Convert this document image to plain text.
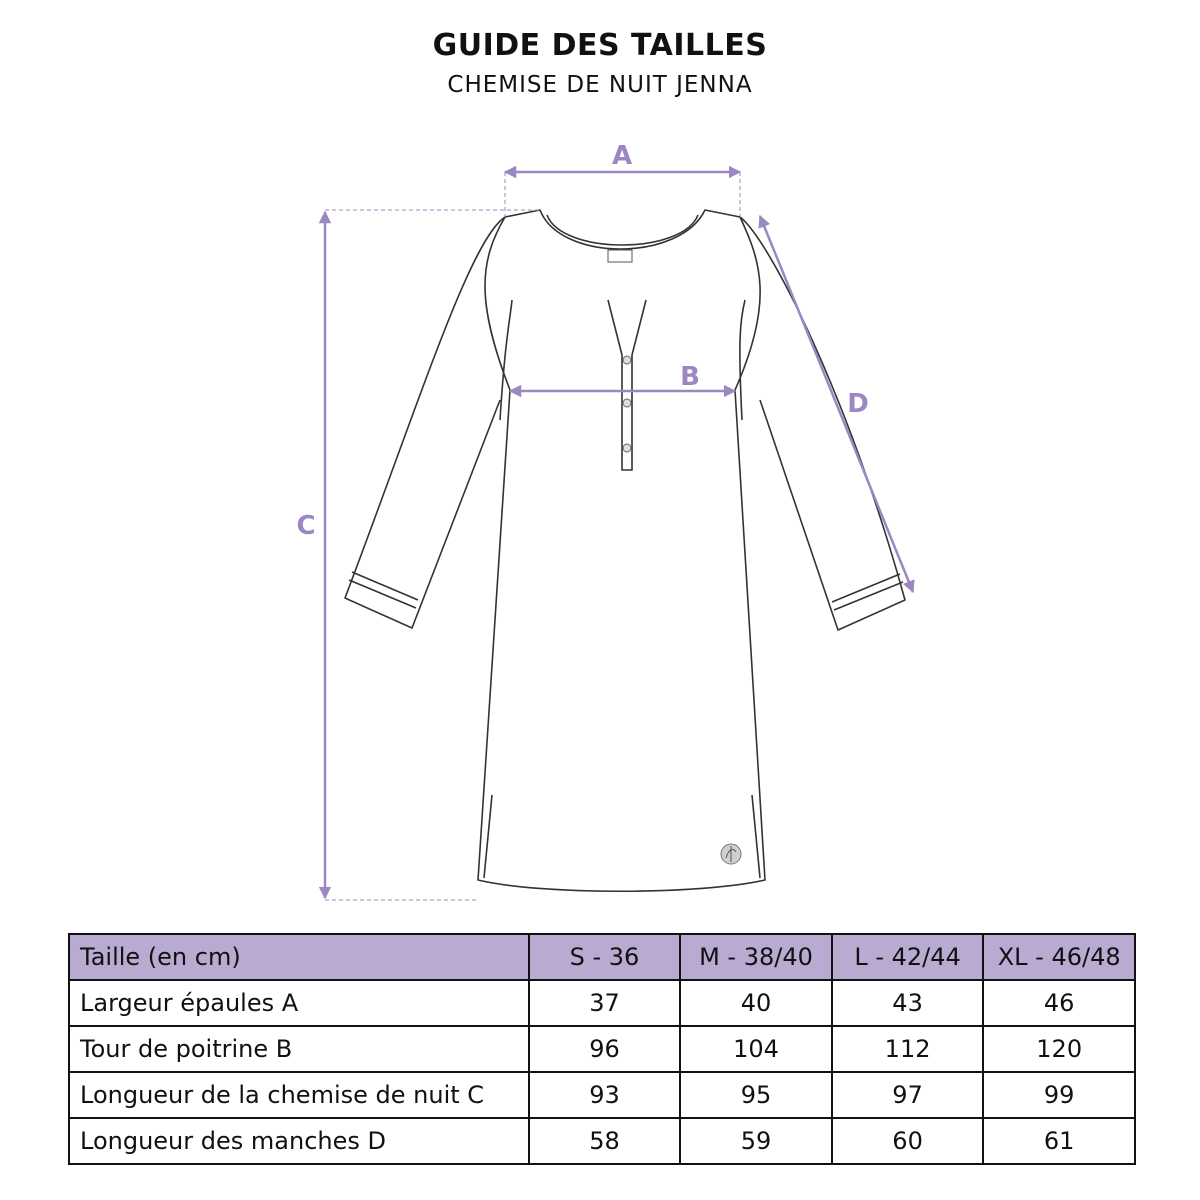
GUIDE DES TAILLES
CHEMISE DE NUIT JENNA
A
B
C
D
Taille (en cm)	S - 36	M - 38/40	L - 42/44	XL - 46/48
Largeur épaules A	37	40	43	46
Tour de poitrine B	96	104	112	120
Longueur de la chemise de nuit C	93	95	97	99
Longueur des manches D	58	59	60	61
